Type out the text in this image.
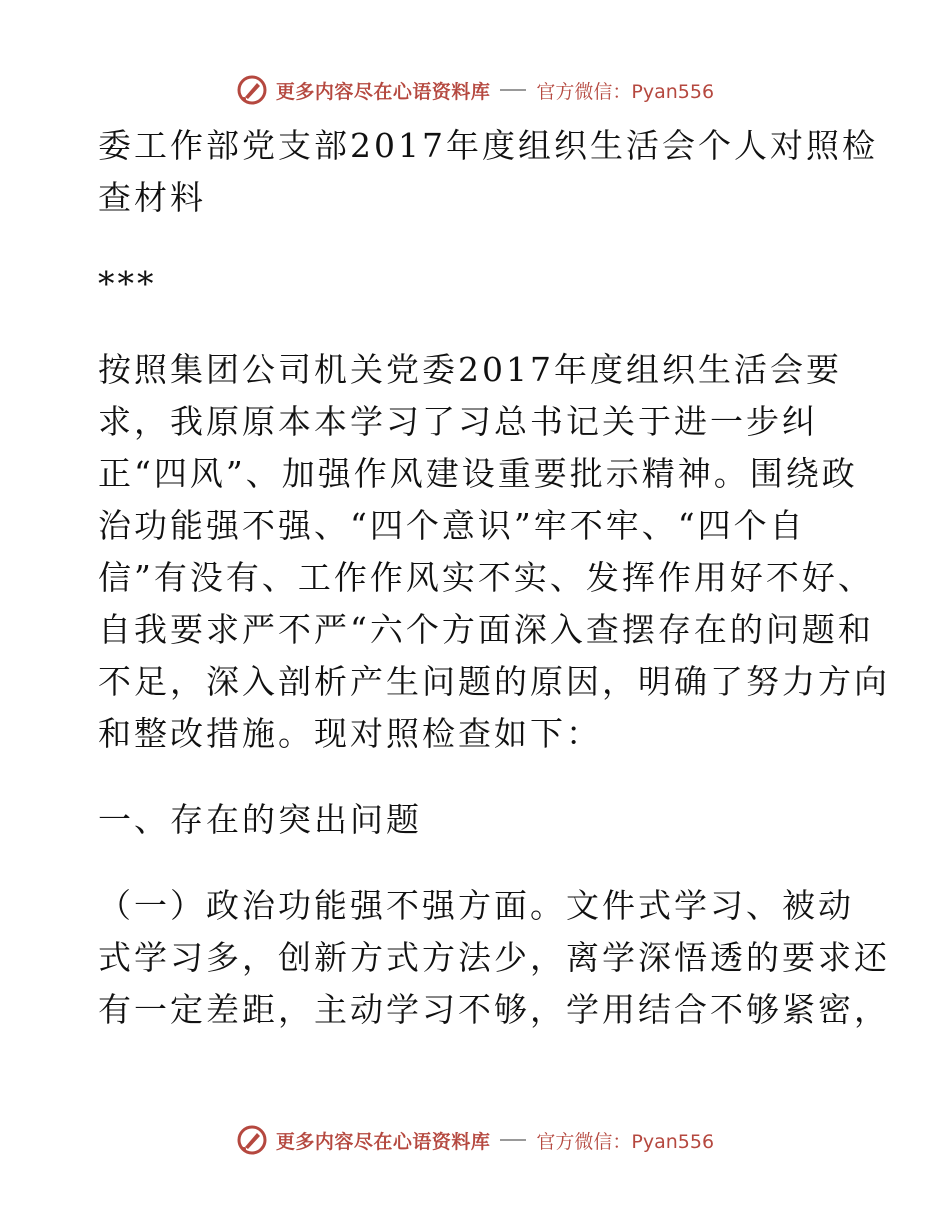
更多内容尽在心语资料库 官方微信：Pyan556
委工作部党支部2017年度组织生活会个人对照检
查材料
***
按照集团公司机关党委2017年度组织生活会要
求，我原原本本学习了习总书记关于进一步纠
正“四风”、加强作风建设重要批示精神。围绕政
治功能强不强、“四个意识”牢不牢、“四个自
信”有没有、工作作风实不实、发挥作用好不好、
自我要求严不严“六个方面深入查摆存在的问题和
不足，深入剖析产生问题的原因，明确了努力方向
和整改措施。现对照检查如下：
一、存在的突出问题
（一）政治功能强不强方面。文件式学习、被动
式学习多，创新方式方法少，离学深悟透的要求还
有一定差距，主动学习不够，学用结合不够紧密，
更多内容尽在心语资料库 官方微信：Pyan556
